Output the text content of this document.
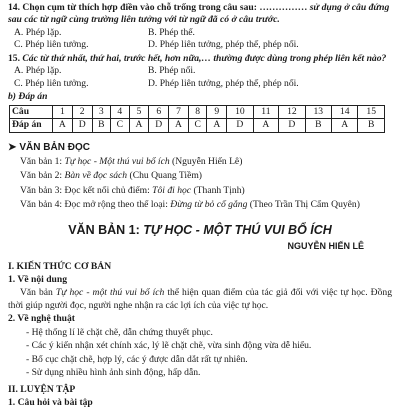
14. Chọn cụm từ thích hợp điền vào chỗ trống trong câu sau: …………… sử dụng ở câu đứng sau các từ ngữ cùng trường liên tưởng với từ ngữ đã có ở câu trước.

A. Phép lặp.	B. Phép thế.
C. Phép liên tưởng.	D. Phép liên tưởng, phép thế, phép nối.

15. Các từ thứ nhất, thứ hai, trước hết, hơn nữa,… thường được dùng trong phép liên kết nào?

A. Phép lặp.	B. Phép nối.
C. Phép liên tưởng.	D. Phép liên tưởng, phép thế, phép nối.
b) Đáp án
Câu	1	2	3	4	5	6	7	8	9	10	11	12	13	14	15
Đáp án	A	D	B	C	A	D	A	C	A	D	A	D	B	A	B
➤ VĂN BẢN ĐỌC
Văn bản 1: Tự học - Một thú vui bổ ích (Nguyễn Hiến Lê)
Văn bản 2: Bàn về đọc sách (Chu Quang Tiềm)
Văn bản 3: Đọc kết nối chủ điểm: Tôi đi học (Thanh Tịnh)
Văn bản 4: Đọc mở rộng theo thể loại: Đừng từ bỏ cố gắng (Theo Trần Thị Cẩm Quyên)
VĂN BẢN 1: TỰ HỌC - MỘT THÚ VUI BỔ ÍCH
NGUYỄN HIẾN LÊ
I. KIẾN THỨC CƠ BẢN
1. Về nội dung

Văn bản Tự học - một thú vui bổ ích thể hiện quan điểm của tác giả đối với việc tự học. Đồng thời giúp người đọc, người nghe nhận ra các lợi ích của việc tự học.

2. Về nghệ thuật
- Hệ thống lí lẽ chặt chẽ, dẫn chứng thuyết phục.
- Các ý kiến nhận xét chính xác, lý lẽ chặt chẽ, vừa sinh động vừa dễ hiểu.
- Bố cục chặt chẽ, hợp lý, các ý được dẫn dắt rất tự nhiên.
- Sử dụng nhiều hình ảnh sinh động, hấp dẫn.
II. LUYỆN TẬP
1. Câu hỏi và bài tập
